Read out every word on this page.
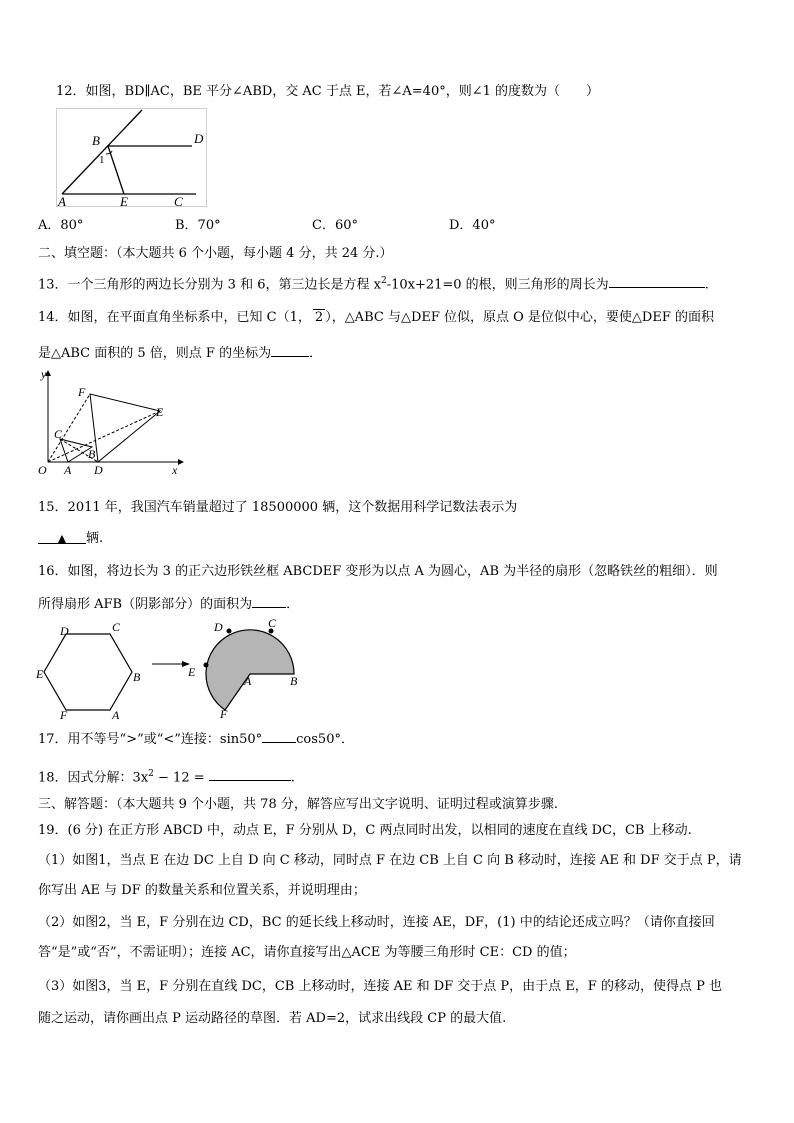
12．如图，BD∥AC，BE 平分∠ABD，交 AC 于点 E，若∠A=40°，则∠1 的度数为（　　）
B	D
1
A	E	C
A．80°	B．70°	C．60°	D．40°
二、填空题：（本大题共 6 个小题，每小题 4 分，共 24 分.）
13．一个三角形的两边长分别为 3 和 6，第三边长是方程 $x^2-10x+21=0$ 的根，则三角形的周长为	.
14．如图，在平面直角坐标系中，已知 C（1， 2 ），△ABC 与△DEF 位似，原点 O 是位似中心，要使△DEF 的面积
是△ABC 面积的 5 倍，则点 F 的坐标为	．
y
x
O A
B
C
D
E
F
15．2011 年，我国汽车销量超过了 18500000 辆，这个数据用科学记数法表示为
▲ 辆.
16．如图，将边长为 3 的正六边形铁丝框 ABCDEF 变形为以点 A 为圆心，AB 为半径的扇形（忽略铁丝的粗细）．则
所得扇形 AFB（阴影部分）的面积为	．
D	C
E	B
F	A
D	C
E
A	B
F
17．用不等号“>”或“<”连接：sin50°	cos50°．
18．因式分解：$3x^2 - 12$ =	.
三、解答题：（本大题共 9 个小题，共 78 分，解答应写出文字说明、证明过程或演算步骤.
19．(6 分) 在正方形 ABCD 中，动点 E，F 分别从 D，C 两点同时出发，以相同的速度在直线 DC，CB 上移动.
（1）如图1，当点 E 在边 DC 上自 D 向 C 移动，同时点 F 在边 CB 上自 C 向 B 移动时，连接 AE 和 DF 交于点 P，请
你写出 AE 与 DF 的数量关系和位置关系，并说明理由；
（2）如图2，当 E，F 分别在边 CD，BC 的延长线上移动时，连接 AE，DF，(1) 中的结论还成立吗？（请你直接回
答“是”或“否”，不需证明）；连接 AC，请你直接写出△ACE 为等腰三角形时 CE：CD 的值；
（3）如图3，当 E，F 分别在直线 DC，CB 上移动时，连接 AE 和 DF 交于点 P，由于点 E，F 的移动，使得点 P 也
随之运动，请你画出点 P 运动路径的草图．若 AD=2，试求出线段 CP 的最大值.
